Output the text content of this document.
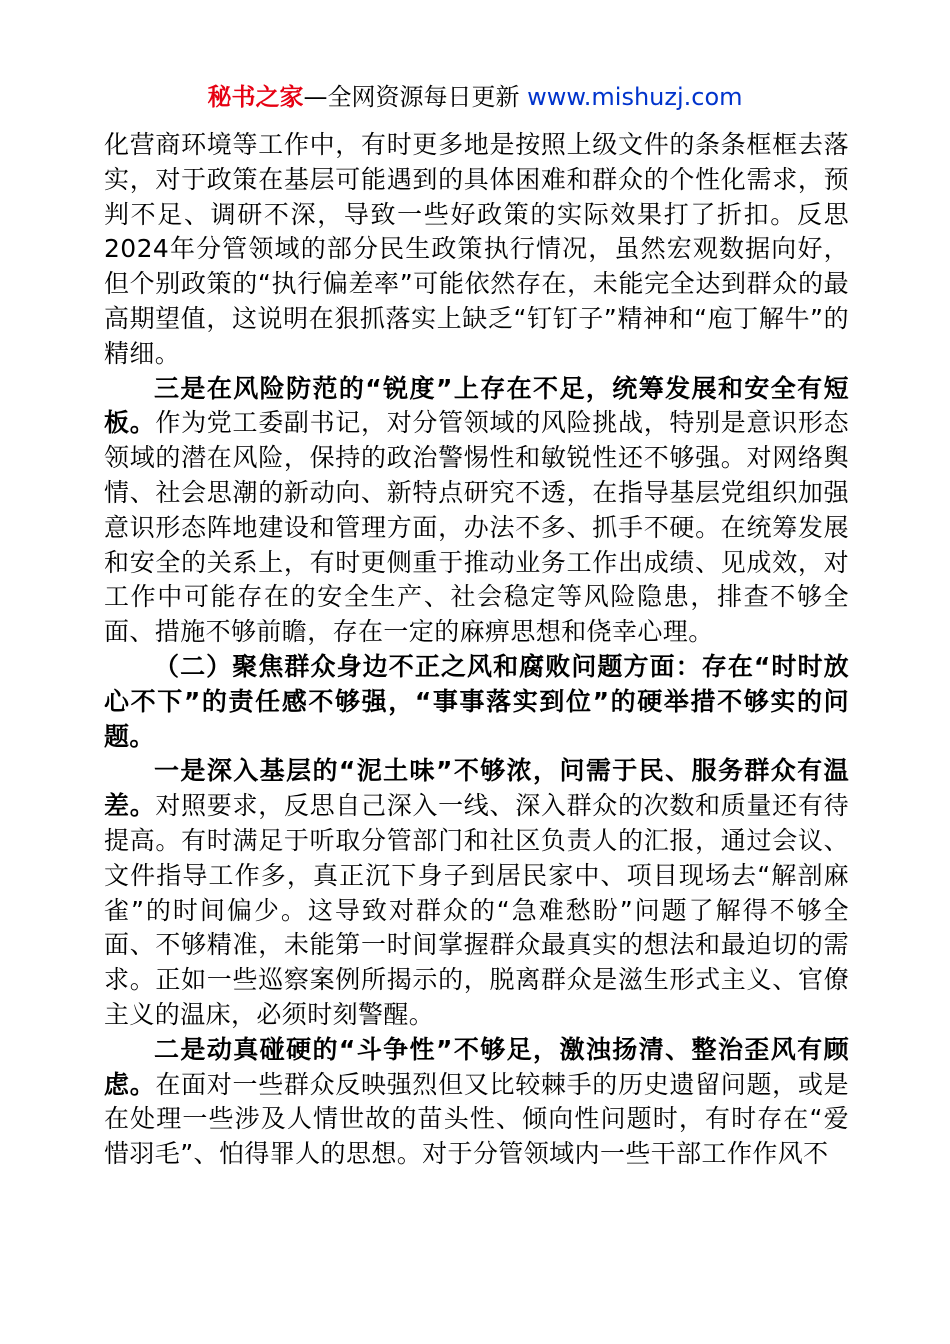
秘书之家—全网资源每日更新 www.mishuzj.com

化营商环境等工作中，有时更多地是按照上级文件的条条框框去落实，对于政策在基层可能遇到的具体困难和群众的个性化需求，预判不足、调研不深，导致一些好政策的实际效果打了折扣。反思2024年分管领域的部分民生政策执行情况，虽然宏观数据向好，但个别政策的“执行偏差率”可能依然存在，未能完全达到群众的最高期望值，这说明在狠抓落实上缺乏“钉钉子”精神和“庖丁解牛”的精细。

三是在风险防范的“锐度”上存在不足，统筹发展和安全有短板。作为党工委副书记，对分管领域的风险挑战，特别是意识形态领域的潜在风险，保持的政治警惕性和敏锐性还不够强。对网络舆情、社会思潮的新动向、新特点研究不透，在指导基层党组织加强意识形态阵地建设和管理方面，办法不多、抓手不硬。在统筹发展和安全的关系上，有时更侧重于推动业务工作出成绩、见成效，对工作中可能存在的安全生产、社会稳定等风险隐患，排查不够全面、措施不够前瞻，存在一定的麻痹思想和侥幸心理。

（二）聚焦群众身边不正之风和腐败问题方面：存在“时时放心不下”的责任感不够强，“事事落实到位”的硬举措不够实的问题。

一是深入基层的“泥土味”不够浓，问需于民、服务群众有温差。对照要求，反思自己深入一线、深入群众的次数和质量还有待提高。有时满足于听取分管部门和社区负责人的汇报，通过会议、文件指导工作多，真正沉下身子到居民家中、项目现场去“解剖麻雀”的时间偏少。这导致对群众的“急难愁盼”问题了解得不够全面、不够精准，未能第一时间掌握群众最真实的想法和最迫切的需求。正如一些巡察案例所揭示的，脱离群众是滋生形式主义、官僚主义的温床，必须时刻警醒。

二是动真碰硬的“斗争性”不够足，激浊扬清、整治歪风有顾虑。在面对一些群众反映强烈但又比较棘手的历史遗留问题，或是在处理一些涉及人情世故的苗头性、倾向性问题时，有时存在“爱惜羽毛”、怕得罪人的思想。对于分管领域内一些干部工作作风不
